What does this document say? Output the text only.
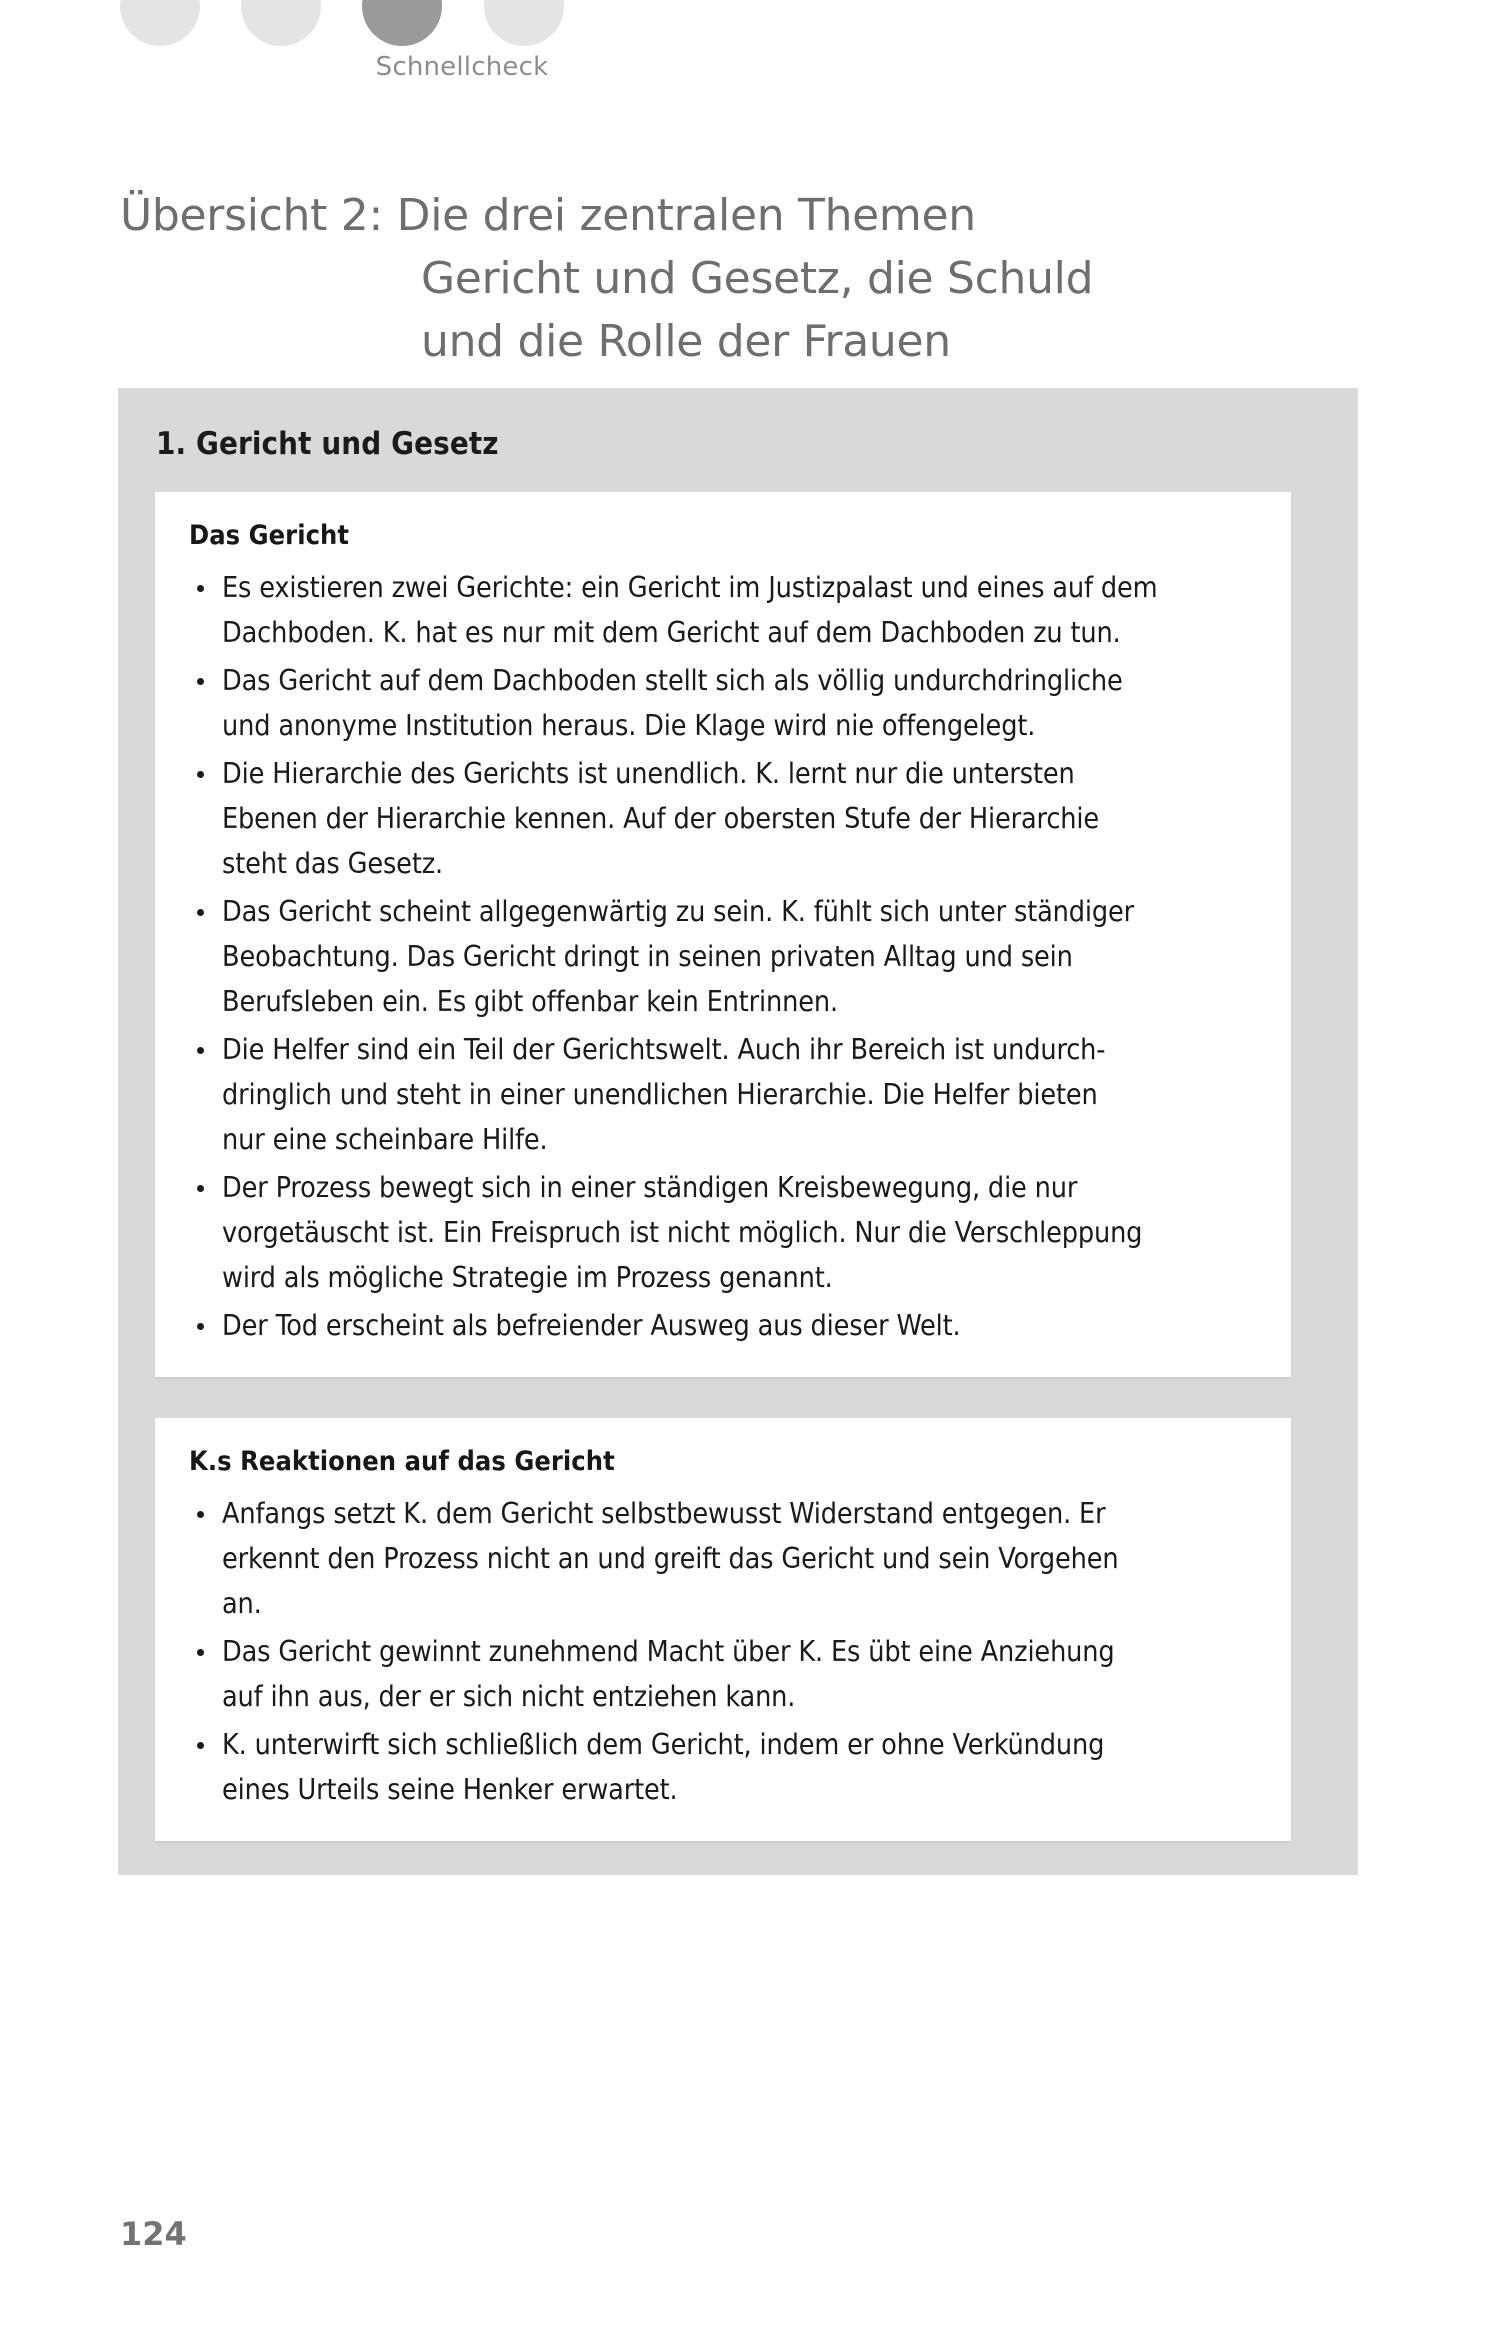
Schnellcheck
Übersicht 2: Die drei zentralen Themen
Gericht und Gesetz, die Schuld
und die Rolle der Frauen
1. Gericht und Gesetz
Das Gericht
Es existieren zwei Gerichte: ein Gericht im Justizpalast und eines auf dem
Dachboden. K. hat es nur mit dem Gericht auf dem Dachboden zu tun.
Das Gericht auf dem Dachboden stellt sich als völlig undurchdringliche
und anonyme Institution heraus. Die Klage wird nie offengelegt.
Die Hierarchie des Gerichts ist unendlich. K. lernt nur die untersten
Ebenen der Hierarchie kennen. Auf der obersten Stufe der Hierarchie
steht das Gesetz.
Das Gericht scheint allgegenwärtig zu sein. K. fühlt sich unter ständiger
Beobachtung. Das Gericht dringt in seinen privaten Alltag und sein
Berufsleben ein. Es gibt offenbar kein Entrinnen.
Die Helfer sind ein Teil der Gerichtswelt. Auch ihr Bereich ist undurch-
dringlich und steht in einer unendlichen Hierarchie. Die Helfer bieten
nur eine scheinbare Hilfe.
Der Prozess bewegt sich in einer ständigen Kreisbewegung, die nur
vorgetäuscht ist. Ein Freispruch ist nicht möglich. Nur die Verschleppung
wird als mögliche Strategie im Prozess genannt.
Der Tod erscheint als befreiender Ausweg aus dieser Welt.
K.s Reaktionen auf das Gericht
Anfangs setzt K. dem Gericht selbstbewusst Widerstand entgegen. Er
erkennt den Prozess nicht an und greift das Gericht und sein Vorgehen
an.
Das Gericht gewinnt zunehmend Macht über K. Es übt eine Anziehung
auf ihn aus, der er sich nicht entziehen kann.
K. unterwirft sich schließlich dem Gericht, indem er ohne Verkündung
eines Urteils seine Henker erwartet.
124
